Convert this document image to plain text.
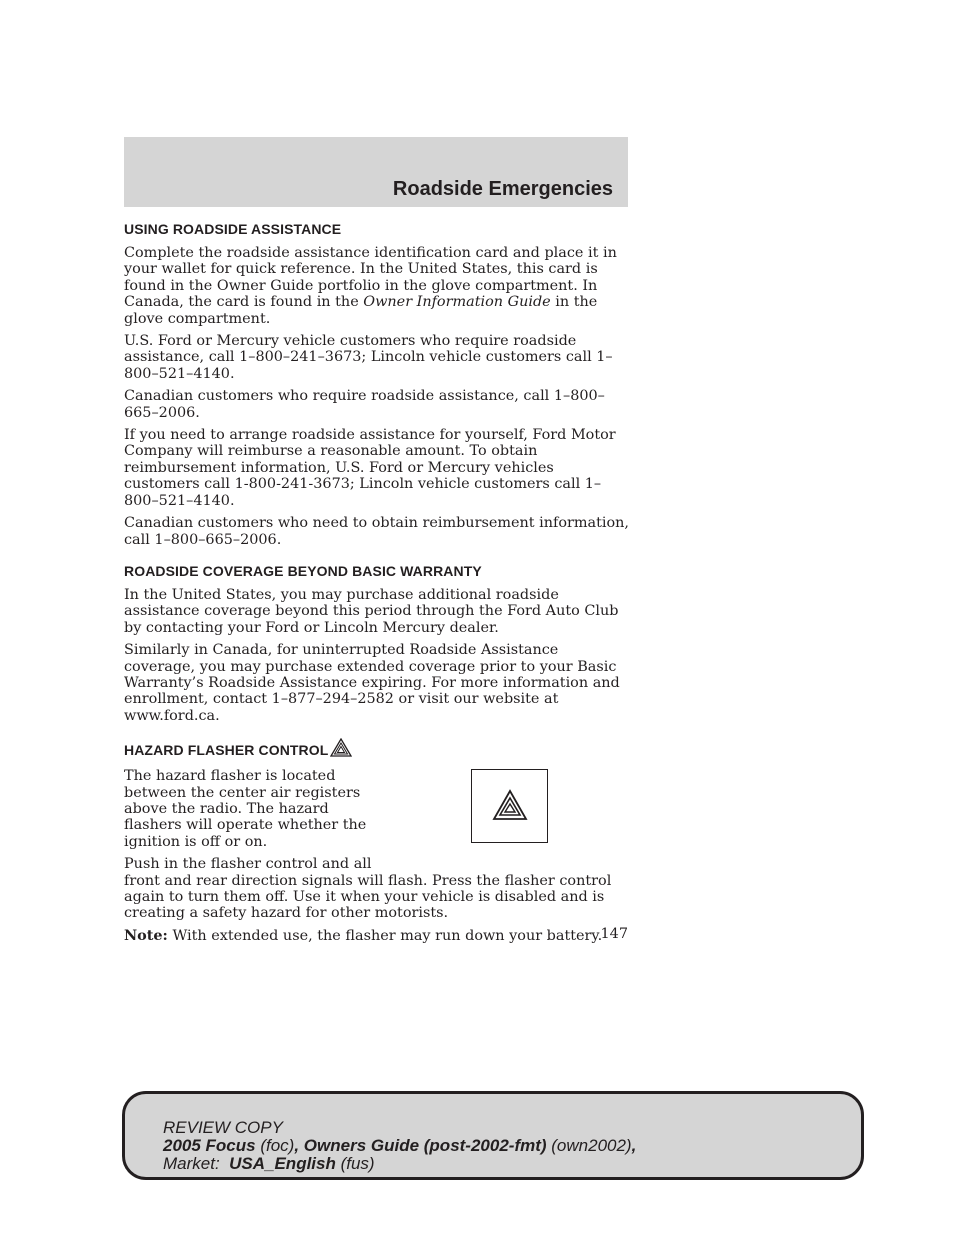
Roadside Emergencies
USING ROADSIDE ASSISTANCE

Complete the roadside assistance identification card and place it in your wallet for quick reference. In the United States, this card is found in the Owner Guide portfolio in the glove compartment. In Canada, the card is found in the Owner Information Guide in the glove compartment.

U.S. Ford or Mercury vehicle customers who require roadside assistance, call 1–800–241–3673; Lincoln vehicle customers call 1–800–521–4140.

Canadian customers who require roadside assistance, call 1–800–665–2006.

If you need to arrange roadside assistance for yourself, Ford Motor Company will reimburse a reasonable amount. To obtain reimbursement information, U.S. Ford or Mercury vehicles customers call 1-800-241-3673; Lincoln vehicle customers call 1–800–521–4140.

Canadian customers who need to obtain reimbursement information, call 1–800–665–2006.

ROADSIDE COVERAGE BEYOND BASIC WARRANTY

In the United States, you may purchase additional roadside assistance coverage beyond this period through the Ford Auto Club by contacting your Ford or Lincoln Mercury dealer.

Similarly in Canada, for uninterrupted Roadside Assistance coverage, you may purchase extended coverage prior to your Basic Warranty’s Roadside Assistance expiring. For more information and enrollment, contact 1–877–294–2582 or visit our website at www.ford.ca.

HAZARD FLASHER CONTROL

The hazard flasher is located between the center air registers above the radio. The hazard flashers will operate whether the ignition is off or on.

Push in the flasher control and all
front and rear direction signals will flash. Press the flasher control again to turn them off. Use it when your vehicle is disabled and is creating a safety hazard for other motorists.

Note: With extended use, the flasher may run down your battery.

147
REVIEW COPY
2005 Focus (foc), Owners Guide (post-2002-fmt) (own2002),
Market:  USA_English (fus)
